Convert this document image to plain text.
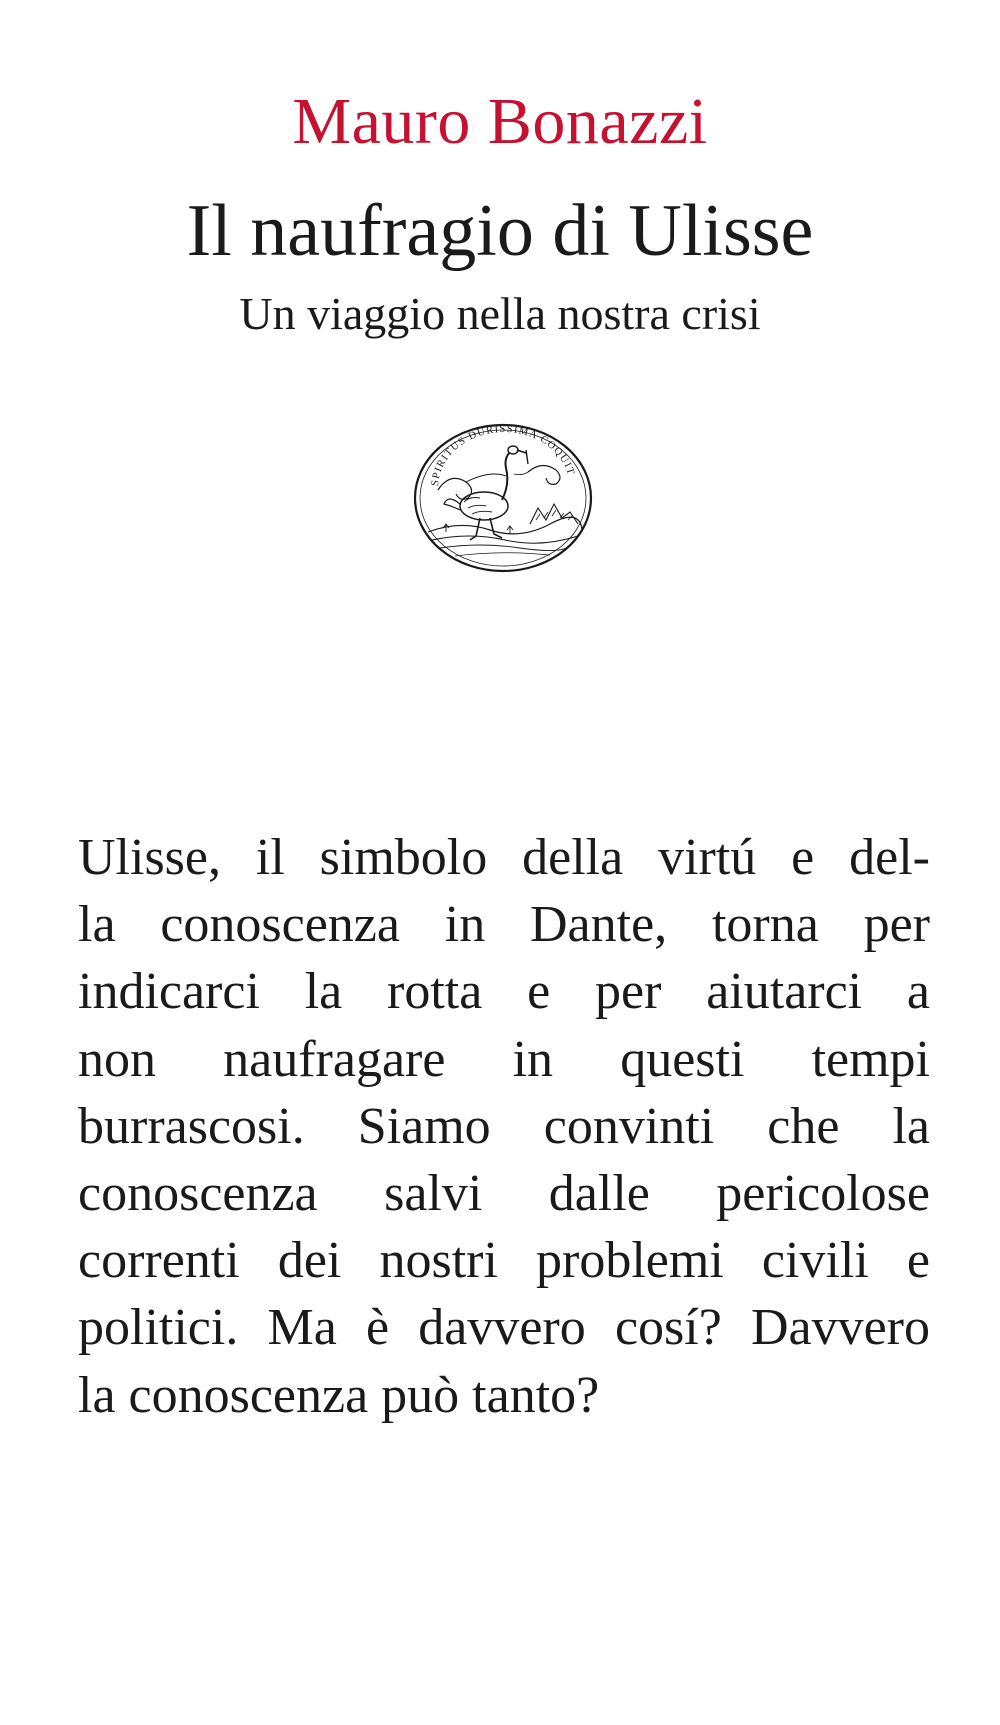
Mauro Bonazzi
Il naufragio di Ulisse
Un viaggio nella nostra crisi
SPIRITUS DURISSIMA COQUIT

Ulisse, il simbolo della virtú e del-
la conoscenza in Dante, torna per
indicarci la rotta e per aiutarci a
non naufragare in questi tempi
burrascosi. Siamo convinti che la
conoscenza salvi dalle pericolose
correnti dei nostri problemi civili e
politici. Ma è davvero cosí? Davvero
la conoscenza può tanto?
